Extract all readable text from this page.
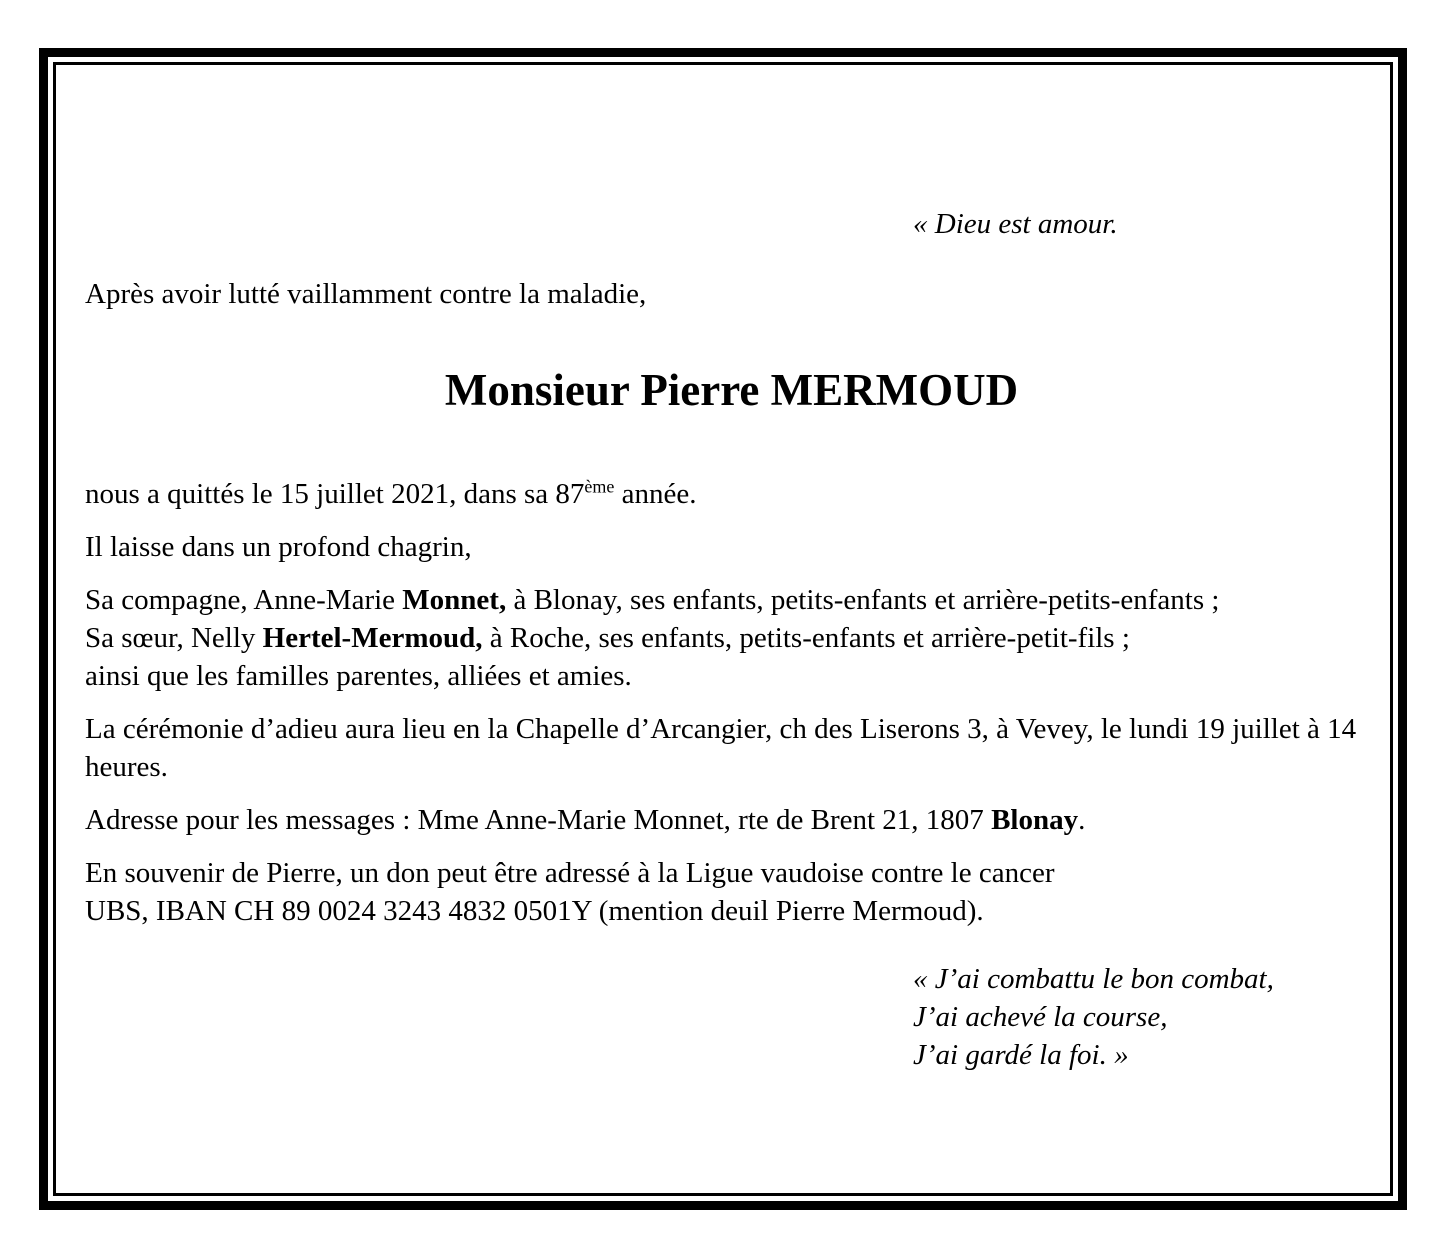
« Dieu est amour.

Après avoir lutté vaillamment contre la maladie,

Monsieur Pierre MERMOUD

nous a quittés le 15 juillet 2021, dans sa 87ème année.

Il laisse dans un profond chagrin,

Sa compagne, Anne-Marie Monnet, à Blonay, ses enfants, petits-enfants et arrière-petits-enfants ;
Sa sœur, Nelly Hertel-Mermoud, à Roche, ses enfants, petits-enfants et arrière-petit-fils ;
ainsi que les familles parentes, alliées et amies.

La cérémonie d’adieu aura lieu en la Chapelle d’Arcangier, ch des Liserons 3, à Vevey, le lundi 19 juillet à 14 heures.

Adresse pour les messages : Mme Anne-Marie Monnet, rte de Brent 21, 1807 Blonay.

En souvenir de Pierre, un don peut être adressé à la Ligue vaudoise contre le cancer
UBS, IBAN CH 89 0024 3243 4832 0501Y (mention deuil Pierre Mermoud).
« J’ai combattu le bon combat,
J’ai achevé la course,
J’ai gardé la foi. »
